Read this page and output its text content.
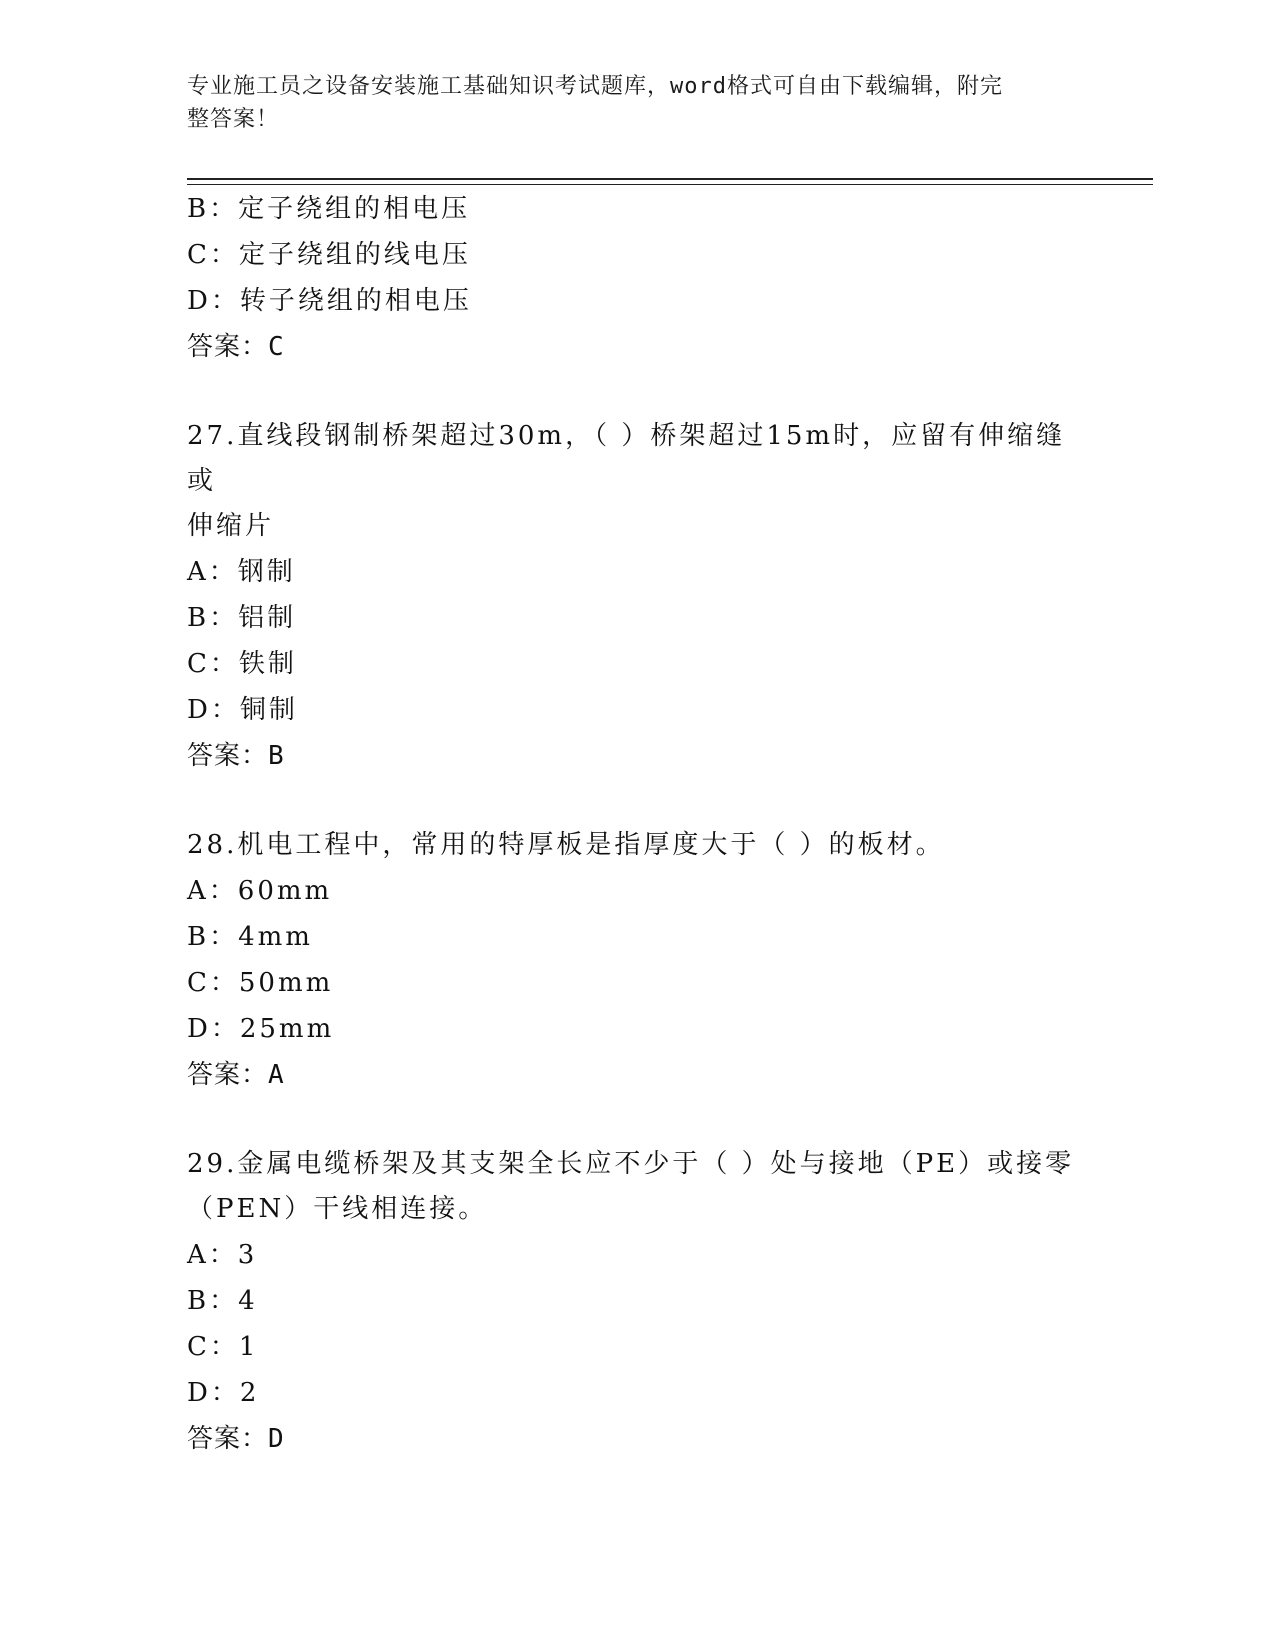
专业施工员之设备安装施工基础知识考试题库，word格式可自由下载编辑，附完
整答案！
B：定子绕组的相电压
C：定子绕组的线电压
D：转子绕组的相电压
答案：C
27.直线段钢制桥架超过30m，（ ）桥架超过15m时，应留有伸缩缝或
伸缩片
A：钢制
B：铝制
C：铁制
D：铜制
答案：B
28.机电工程中，常用的特厚板是指厚度大于（ ）的板材。
A：60mm
B：4mm
C：50mm
D：25mm
答案：A
29.金属电缆桥架及其支架全长应不少于（ ）处与接地（PE）或接零
（PEN）干线相连接。
A：3
B：4
C：1
D：2
答案：D
